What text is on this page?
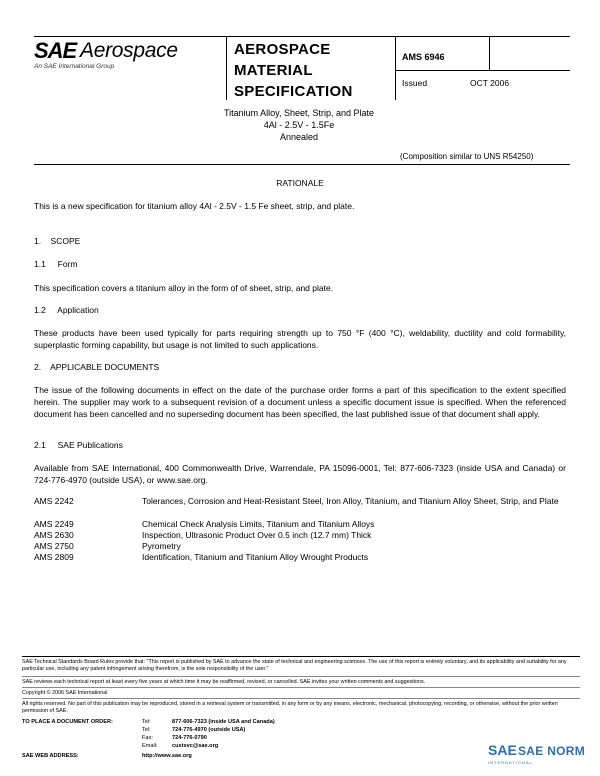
SAE Aerospace
An SAE International Group
AEROSPACE
MATERIAL
SPECIFICATION
AMS 6946
Issued	OCT 2006
Titanium Alloy, Sheet, Strip, and Plate
4Al - 2.5V - 1.5Fe
Annealed
(Composition similar to UNS R54250)
RATIONALE
This is a new specification for titanium alloy 4Al - 2.5V - 1.5 Fe sheet, strip, and plate.
1.    SCOPE
1.1     Form
This specification covers a titanium alloy in the form of of sheet, strip, and plate.
1.2     Application
These products have been used typically for parts requiring strength up to 750 °F (400 °C), weldability, ductility and cold formability, superplastic forming capability, but usage is not limited to such applications.
2.    APPLICABLE DOCUMENTS
The issue of the following documents in effect on the date of the purchase order forms a part of this specification to the extent specified herein. The supplier may work to a subsequent revision of a document unless a specific document issue is specified. When the referenced document has been cancelled and no superseding document has been specified, the last published issue of that document shall apply.
2.1     SAE Publications
Available from SAE International, 400 Commonwealth Drive, Warrendale, PA 15096-0001, Tel: 877-606-7323 (inside USA and Canada) or 724-776-4970 (outside USA), or www.sae.org.
AMS 2242	Tolerances, Corrosion and Heat-Resistant Steel, Iron Alloy, Titanium, and Titanium Alloy Sheet, Strip, and Plate
AMS 2249	Chemical Check Analysis Limits, Titanium and Titanium Alloys
AMS 2630	Inspection, Ultrasonic Product Over 0.5 inch (12.7 mm) Thick
AMS 2750	Pyrometry
AMS 2809	Identification, Titanium and Titanium Alloy Wrought Products
SAE Technical Standards Board Rules provide that: "This report is published by SAE to advance the state of technical and engineering sciences. The use of this report is entirely voluntary, and its applicability and suitability for any particular use, including any patent infringement arising therefrom, is the sole responsibility of the user."
SAE reviews each technical report at least every five years at which time it may be reaffirmed, revised, or cancelled. SAE invites your written comments and suggestions.
Copyright © 2006 SAE International
All rights reserved. No part of this publication may be reproduced, stored in a retrieval system or transmitted, in any form or by any means, electronic, mechanical, photocopying, recording, or otherwise, without the prior written permission of SAE.
TO PLACE A DOCUMENT ORDER:	Tel:	877-606-7323 (inside USA and Canada)
Tel:	724-776-4970 (outside USA)
Fax:	724-776-0790
Email:	custsvc@sae.org
SAE WEB ADDRESS:	http://www.sae.org	SAE SAE NORM
INTERNATIONAL
